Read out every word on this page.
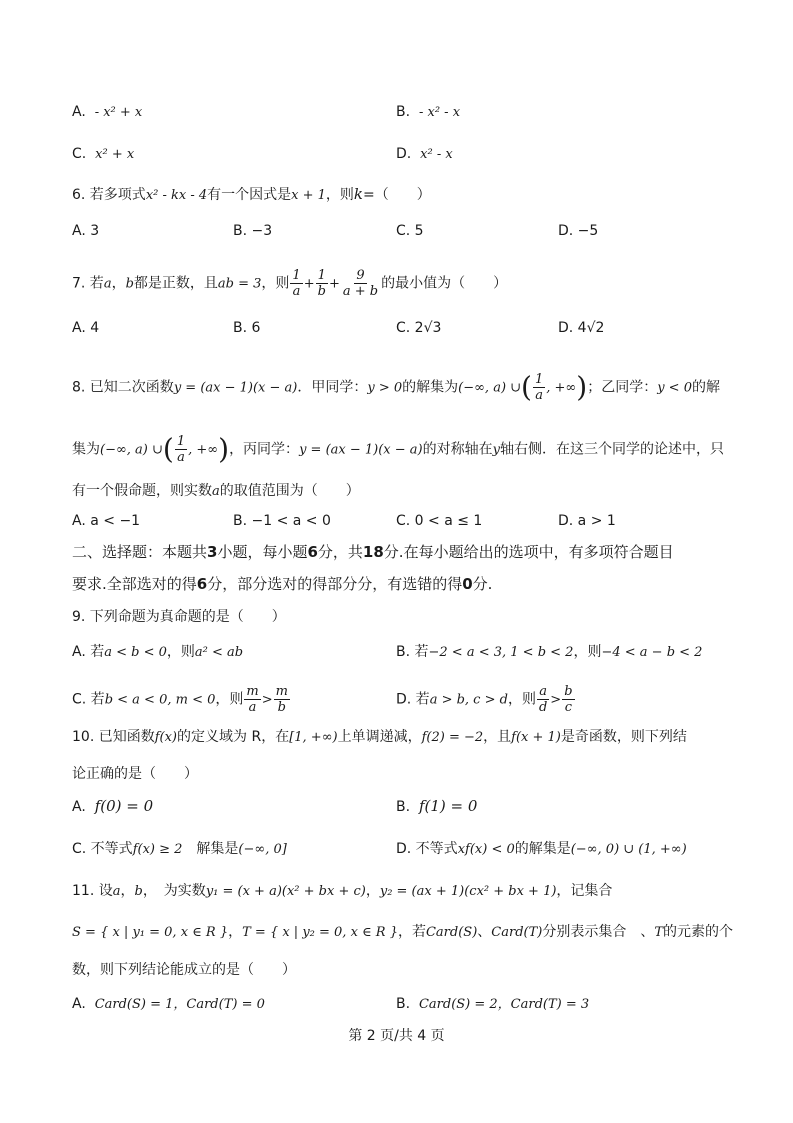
A. - x² + x	B. - x² - x
C. x² + x	D. x² - x
6. 若多项式x² - kx - 4有一个因式是x + 1，则k=（　　）
A. 3	B. −3	C. 5	D. −5
7. 若a，b都是正数，且ab = 3，则 $\frac{1}{a} + \frac{1}{b} + \frac{9}{a + b}$ 的最小值为（　　）
A. 4	B. 6	C. 2√3	D. 4√2
8. 已知二次函数y = (ax − 1)(x − a)．甲同学：y > 0的解集为(−∞, a) ∪( $\frac{1}{a}$ , +∞)；乙同学：y < 0的解
集为(−∞, a) ∪( $\frac{1}{a}$ , +∞)，丙同学：y = (ax − 1)(x − a)的对称轴在y轴右侧．在这三个同学的论述中，只
有一个假命题，则实数a的取值范围为（　　）
A. a < −1	B. −1 < a < 0	C. 0 < a ≤ 1	D. a > 1
二、选择题：本题共3小题，每小题6分，共18分.在每小题给出的选项中，有多项符合题目
要求.全部选对的得6分，部分选对的得部分分，有选错的得0分.
9. 下列命题为真命题的是（　　）
A. 若a < b < 0，则a² < ab	B. 若−2 < a < 3, 1 < b < 2，则−4 < a − b < 2
C. 若b < a < 0, m < 0，则 $\frac{m}{a} > \frac{m}{b}$	D. 若a > b, c > d，则 $\frac{a}{d} > \frac{b}{c}$
10. 已知函数f(x)的定义域为 R，在[1, +∞)上单调递减，f(2) = −2，且f(x + 1)是奇函数，则下列结
论正确的是（　　）
A. f(0) = 0	B. f(1) = 0
C. 不等式f(x) ≥ 2　解集是(−∞, 0]	D. 不等式xf(x) < 0的解集是(−∞, 0) ∪ (1, +∞)
11. 设a，b，　为实数y₁ = (x + a)(x² + bx + c)，y₂ = (ax + 1)(cx² + bx + 1)，记集合
S = { x | y₁ = 0, x ∈ R }，T = { x | y₂ = 0, x ∈ R }，若Card(S)、Card(T)分别表示集合　、T的元素的个
数，则下列结论能成立的是（　　）
A. Card(S) = 1，Card(T) = 0	B. Card(S) = 2，Card(T) = 3
第 2 页/共 4 页
